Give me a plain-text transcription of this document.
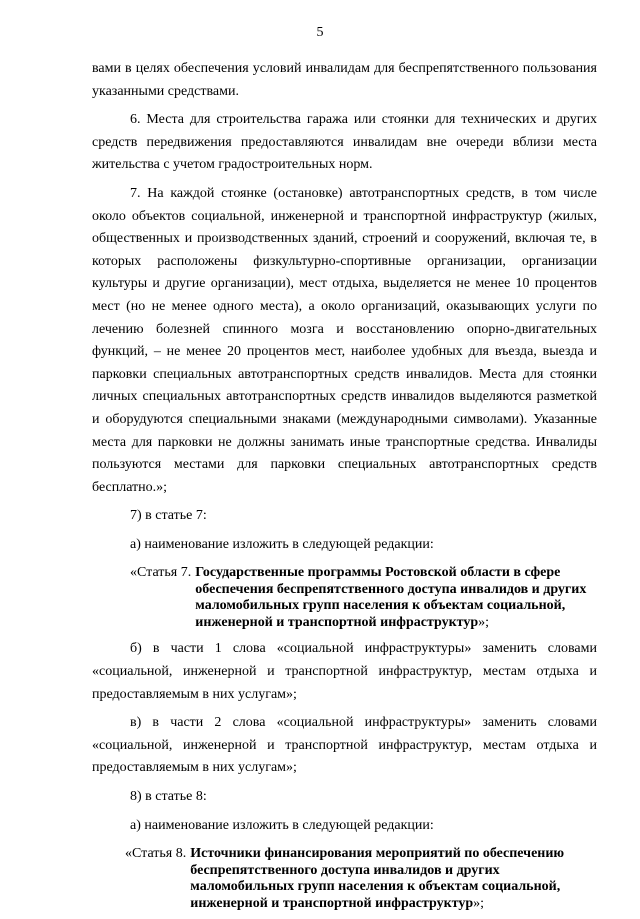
5

вами в целях обеспечения условий инвалидам для беспрепятственного пользования указанными средствами.

6. Места для строительства гаража или стоянки для технических и других средств передвижения предоставляются инвалидам вне очереди вблизи места жительства с учетом градостроительных норм.

7. На каждой стоянке (остановке) автотранспортных средств, в том числе около объектов социальной, инженерной и транспортной инфраструктур (жилых, общественных и производственных зданий, строений и сооружений, включая те, в которых расположены физкультурно-спортивные организации, организации культуры и другие организации), мест отдыха, выделяется не менее 10 процентов мест (но не менее одного места), а около организаций, оказывающих услуги по лечению болезней спинного мозга и восстановлению опорно-двигательных функций, – не менее 20 процентов мест, наиболее удобных для въезда, выезда и парковки специальных автотранспортных средств инвалидов. Места для стоянки личных специальных автотранспортных средств инвалидов выделяются разметкой и оборудуются специальными знаками (международными символами). Указанные места для парковки не должны занимать иные транспортные средства. Инвалиды пользуются местами для парковки специальных автотранспортных средств бесплатно.»;

7) в статье 7:

а) наименование изложить в следующей редакции:

«Статья 7. Государственные программы Ростовской области в сфере обеспечения беспрепятственного доступа инвалидов и других маломобильных групп населения к объектам социальной, инженерной и транспортной инфраструктур»;

б) в части 1 слова «социальной инфраструктуры» заменить словами «социальной, инженерной и транспортной инфраструктур, местам отдыха и предоставляемым в них услугам»;

в) в части 2 слова «социальной инфраструктуры» заменить словами «социальной, инженерной и транспортной инфраструктур, местам отдыха и предоставляемым в них услугам»;

8) в статье 8:

а) наименование изложить в следующей редакции:

«Статья 8. Источники финансирования мероприятий по обеспечению беспрепятственного доступа инвалидов и других маломобильных групп населения к объектам социальной, инженерной и транспортной инфраструктур»;
